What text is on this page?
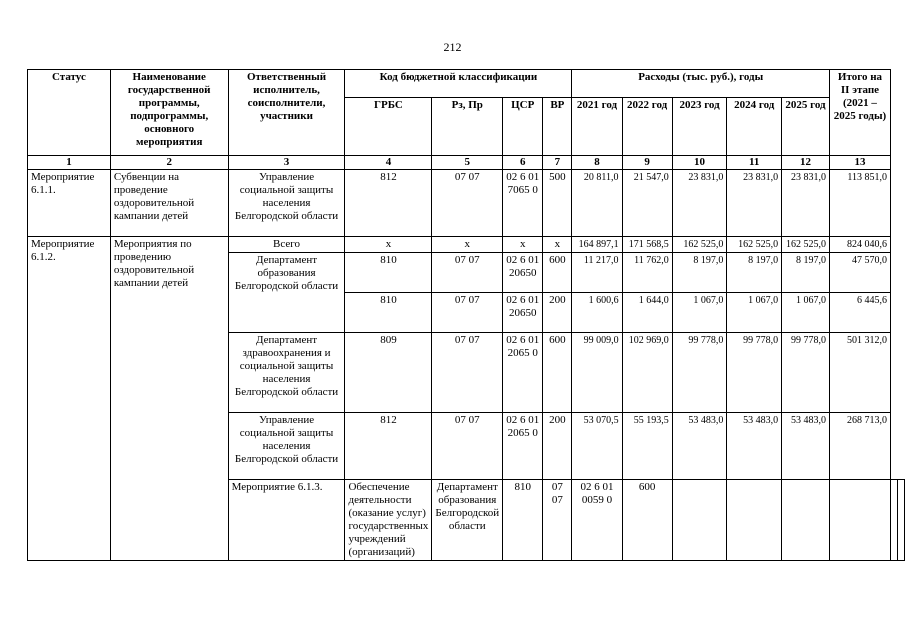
212
Статус	Наименование государственной программы, подпрограммы, основного мероприятия	Ответственный исполнитель, соисполнители, участники	Код бюджетной классификации				Расходы (тыс. руб.), годы					Итого на II этапе (2021 – 2025 годы)		
			ГРБС	Рз, Пр	ЦСР	ВР	2021 год	2022 год	2023 год	2024 год	2025 год			
1	2	3	4	5	6	7	8	9	10	11	12	13		
Мероприятие 6.1.1.	Субвенции на проведение оздоровительной кампании детей	Управление социальной защиты населения Белгородской области	812	07 07	02 6 01 7065 0	500	20 811,0	21 547,0	23 831,0	23 831,0	23 831,0	113 851,0		
Мероприятие 6.1.2.	Мероприятия по проведению оздоровительной кампании детей	Всего	x	x	x	x	164 897,1	171 568,5	162 525,0	162 525,0	162 525,0	824 040,6		
		Департамент образования Белгородской области	810	07 07	02 6 01 20650	600	11 217,0	11 762,0	8 197,0	8 197,0	8 197,0	47 570,0		
			810	07 07	02 6 01 20650	200	1 600,6	1 644,0	1 067,0	1 067,0	1 067,0	6 445,6		
		Департамент здравоохранения и социальной защиты населения Белгородской области	809	07 07	02 6 01 2065 0	600	99 009,0	102 969,0	99 778,0	99 778,0	99 778,0	501 312,0		
		Управление социальной защиты населения Белгородской области	812	07 07	02 6 01 2065 0	200	53 070,5	55 193,5	53 483,0	53 483,0	53 483,0	268 713,0		
		Мероприятие 6.1.3.	Обеспечение деятельности (оказание услуг) государственных учреждений (организаций)	Департамент образования Белгородской области	810	07 07	02 6 01 0059 0	600						
